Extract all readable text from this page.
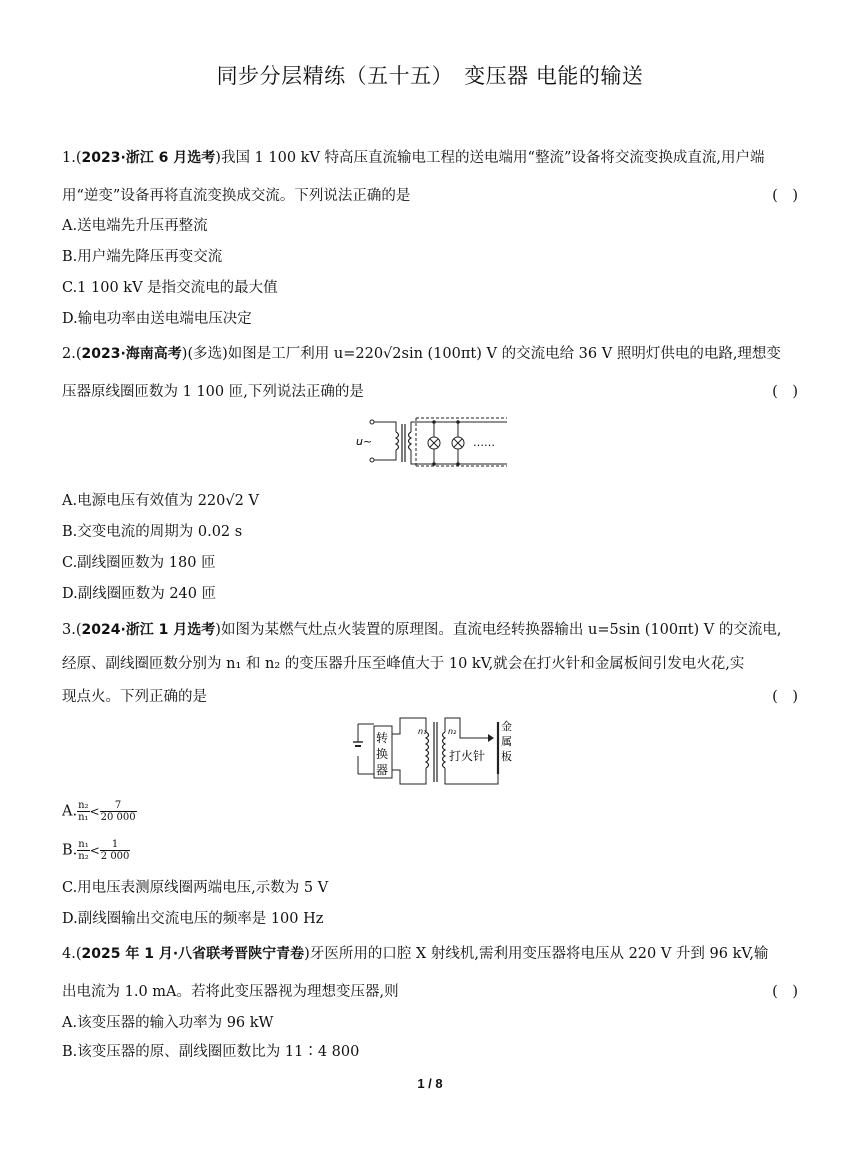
同步分层精练（五十五）　变压器 电能的输送
1.(2023·浙江 6 月选考)我国 1 100 kV 特高压直流输电工程的送电端用“整流”设备将交流变换成直流,用户端
用“逆变”设备再将直流变换成交流。下列说法正确的是	(　)
A.送电端先升压再整流
B.用户端先降压再变交流
C.1 100 kV 是指交流电的最大值
D.输电功率由送电端电压决定
2.(2023·海南高考)(多选)如图是工厂利用 u=220√2sin (100πt) V 的交流电给 36 V 照明灯供电的电路,理想变
压器原线圈匝数为 1 100 匝,下列说法正确的是	(　)
u~	……
A.电源电压有效值为 220√2 V
B.交变电流的周期为 0.02 s
C.副线圈匝数为 180 匝
D.副线圈匝数为 240 匝
3.(2024·浙江 1 月选考)如图为某燃气灶点火装置的原理图。直流电经转换器输出 u=5sin (100πt) V 的交流电,
经原、副线圈匝数分别为 n₁ 和 n₂ 的变压器升压至峰值大于 10 kV,就会在打火针和金属板间引发电火花,实
现点火。下列正确的是	(　)
转
换
器
n₁	n₂
打火针
金
属
板
A. $\frac{\text{n₂}}{\text{n₁}} < \frac{7}{20 000}$
B. $\frac{\text{n₁}}{\text{n₂}} < \frac{1}{2 000}$
C.用电压表测原线圈两端电压,示数为 5 V
D.副线圈输出交流电压的频率是 100 Hz
4.(2025 年 1 月·八省联考晋陕宁青卷)牙医所用的口腔 X 射线机,需利用变压器将电压从 220 V 升到 96 kV,输
出电流为 1.0 mA。若将此变压器视为理想变压器,则	(　)
A.该变压器的输入功率为 96 kW
B.该变压器的原、副线圈匝数比为 11∶4 800
1 / 8
